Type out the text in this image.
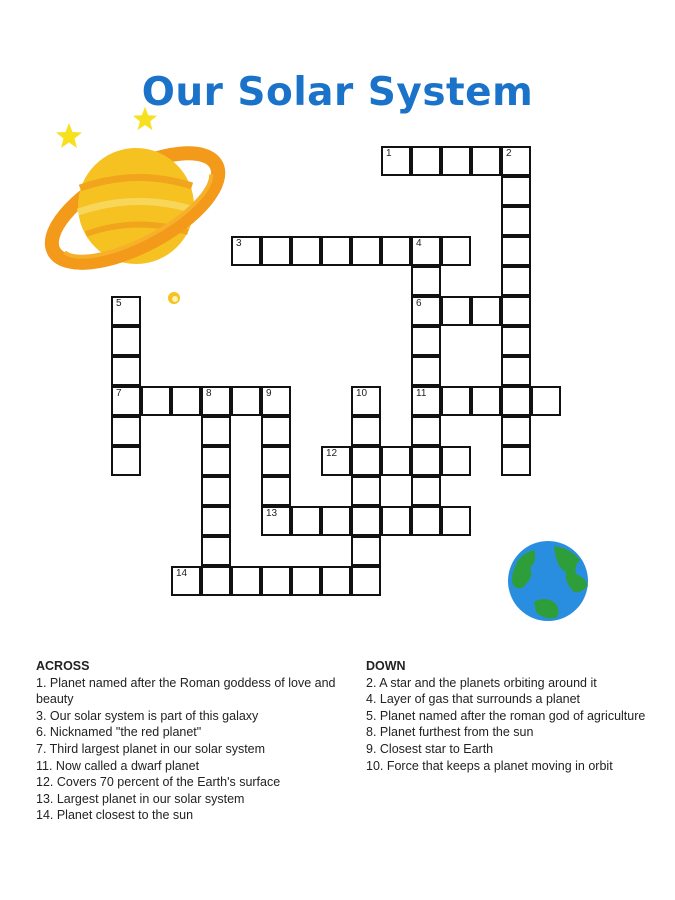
Our Solar System
1	2
3	4
6
11
5
7	8	9	10
12
13
14
ACROSS
1. Planet named after the Roman goddess of love and beauty
3. Our solar system is part of this galaxy
6. Nicknamed "the red planet"
7. Third largest planet in our solar system
11. Now called a dwarf planet
12. Covers 70 percent of the Earth's surface
13. Largest planet in our solar system
14. Planet closest to the sun
DOWN
2. A star and the planets orbiting around it
4. Layer of gas that surrounds a planet
5. Planet named after the roman god of agriculture
8. Planet furthest from the sun
9. Closest star to Earth
10. Force that keeps a planet moving in orbit
